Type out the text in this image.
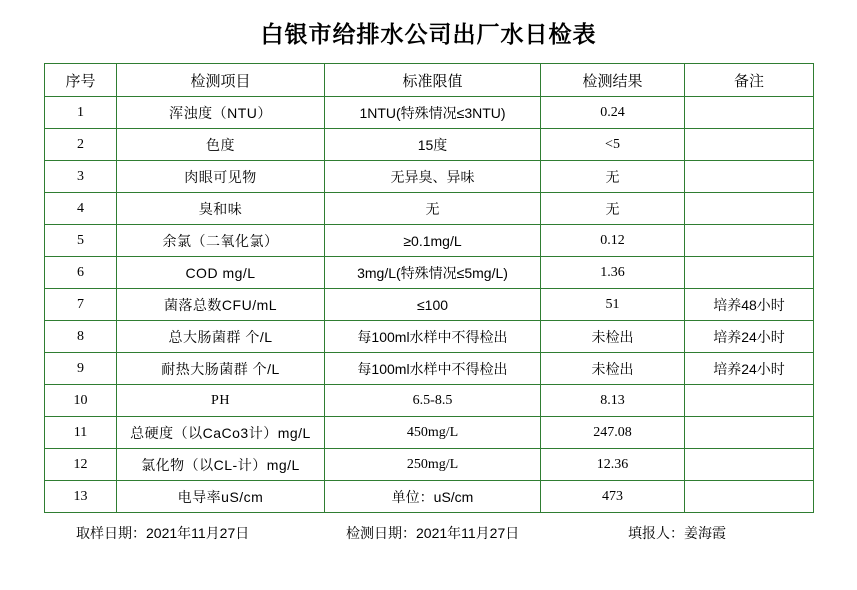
白银市给排水公司出厂水日检表
序号	检测项目	标准限值	检测结果	备注
1	浑浊度（NTU）	1NTU(特殊情况≤3NTU)	0.24	
2	色度	15度	<5	
3	肉眼可见物	无异臭、异味	无	
4	臭和味	无	无	
5	余氯（二氧化氯）	≥0.1mg/L	0.12	
6	COD mg/L	3mg/L(特殊情况≤5mg/L)	1.36	
7	菌落总数CFU/mL	≤100	51	培养48小时
8	总大肠菌群 个/L	每100ml水样中不得检出	未检出	培养24小时
9	耐热大肠菌群 个/L	每100ml水样中不得检出	未检出	培养24小时
10	PH	6.5-8.5	8.13	
11	总硬度（以CaCo3计）mg/L	450mg/L	247.08	
12	氯化物（以CL-计）mg/L	250mg/L	12.36	
13	电导率uS/cm	单位：uS/cm	473	
取样日期：2021年11月27日	检测日期：2021年11月27日	填报人：姜海霞
